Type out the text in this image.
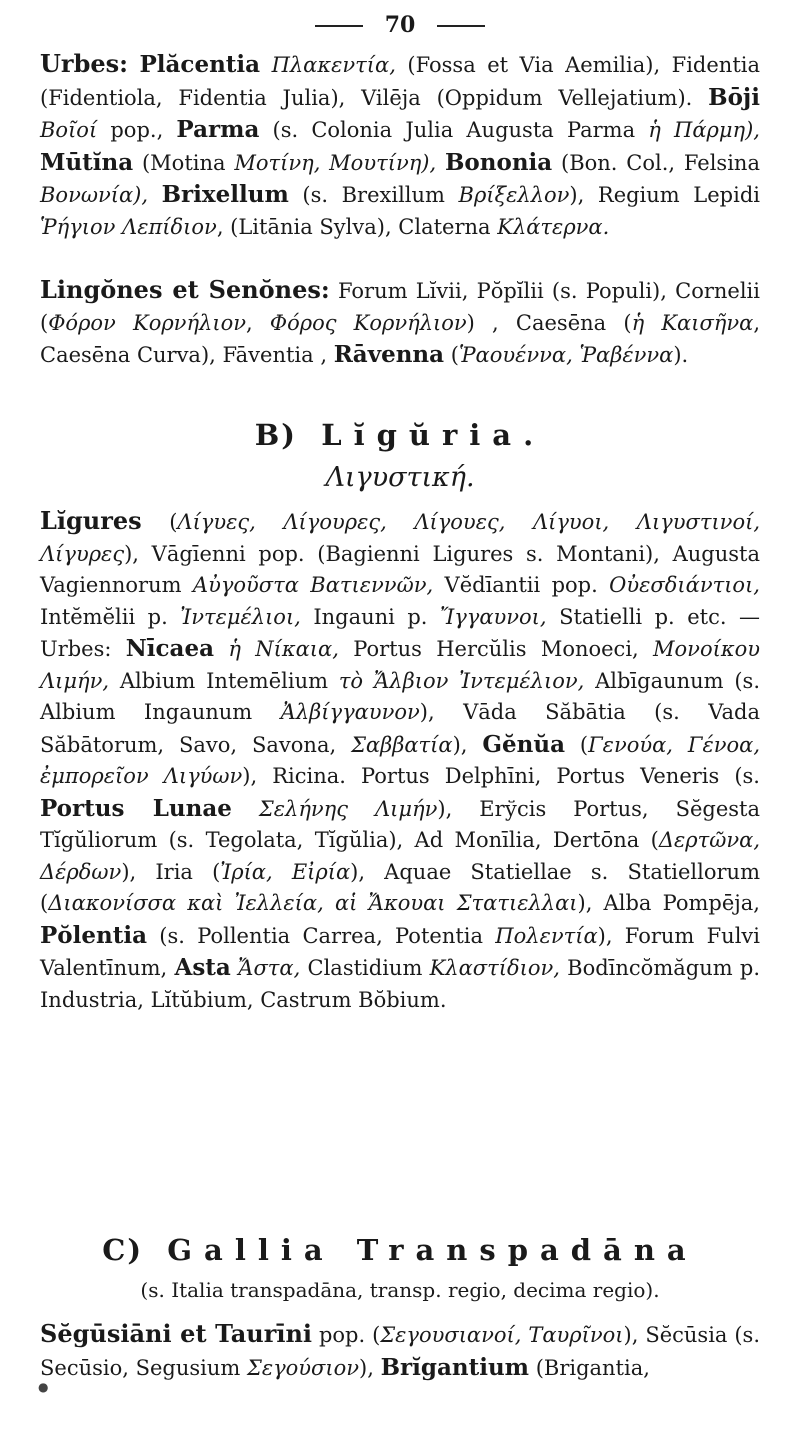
70
Urbes: Plăcentia Πλακεντία, (Fossa et Via Aemilia), Fidentia (Fidentiola, Fidentia Julia), Vilēja (Oppidum Vellejatium). Bōji Βοῖοί pop., Parma (s. Colonia Julia Augusta Parma ἡ Πάρμη), Mūtĭna (Motina Μοτίνη, Μουτίνη), Bononia (Bon. Col., Felsina Βονωνία), Brixellum (s. Brexillum Βρίξελλον), Regium Lepidi Ῥήγιον Λεπίδιον, (Litānia Sylva), Claterna Κλάτερνα.
Lingŏnes et Senŏnes: Forum Lĭvii, Pŏpĭlii (s. Populi), Cornelii (Φόρον Κορνήλιον, Φόρος Κορνήλιον) , Caesēna (ἡ Καισῆνα, Caesēna Curva), Fāventia , Rāvenna (Ῥαουέννα, Ῥαβέννα).
B) Lĭgŭria.
Λιγυστική.
Lĭgures (Λίγυες, Λίγουρες, Λίγουες, Λίγυοι, Λιγυστινοί, Λίγυρες), Vāgīenni pop. (Bagienni Ligures s. Montani), Augusta Vagiennorum Αὐγοῦστα Βατιεννῶν, Vĕdīantii pop. Οὐεσδιάντιοι, Intĕmĕlii p. Ἰντεμέλιοι, Ingauni p. Ἴγγαυνοι, Statielli p. etc. — Urbes: Nīcaea ἡ Νίκαια, Portus Hercŭlis Monoeci, Μονοίκου Λιμήν, Albium Intemēlium τὸ Ἄλβιον Ἰντεμέλιον, Albīgaunum (s. Albium Ingaunum Ἀλβίγγαυνον), Vāda Săbātia (s. Vada Săbātorum, Savo, Savona, Σαββατία), Gĕnŭa (Γενούα, Γένοα, ἐμπορεῖον Λιγύων), Ricina. Portus Delphīni, Portus Veneris (s. Portus Lunae Σελήνης Λιμήν), Erўcis Portus, Sĕgesta Tĭgŭliorum (s. Tegolata, Tĭgŭlia), Ad Monīlia, Dertōna (Δερτῶνα, Δέρδων), Iria (Ἰρία, Εἰρία), Aquae Statiellae s. Statiellorum (Διακονίσσα καὶ Ἰελλεία, αἱ Ἄκουαι Στατιελλαι), Alba Pompēja, Pŏlentia (s. Pollentia Carrea, Potentia Πολεντία), Forum Fulvi Valentīnum, Asta Ἄστα, Clastidium Κλαστίδιον, Bodīncŏmăgum p. Industria, Lĭtŭbium, Castrum Bŏbium.
C) Gallia Transpadāna
(s. Italia transpadāna, transp. regio, decima regio).
Sĕgūsiāni et Taurīni pop. (Σεγουσιανοί, Ταυρῖνοι), Sĕcūsia (s. Secūsio, Segusium Σεγούσιον), Brĭgantium (Brigantia,
●
